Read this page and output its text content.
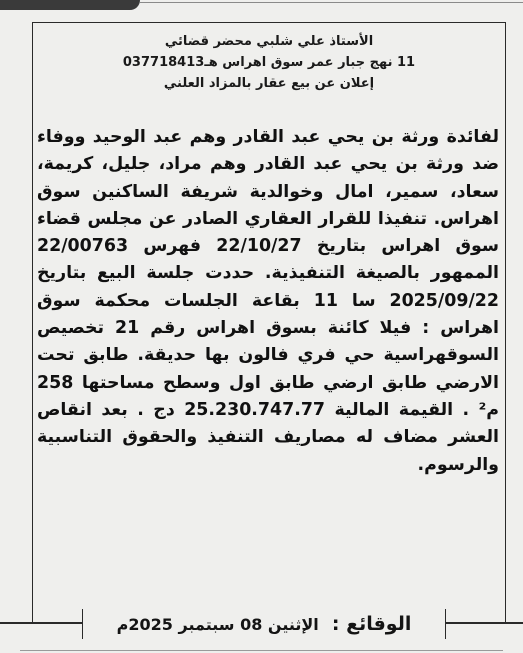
الأستاذ علي شلبي محضر قضائي
11 نهج جبار عمر سوق اهراس هـ037718413
إعلان عن بيع عقار بالمزاد العلني

لفائدة ورثة بن يحي عبد القادر وهم عبد الوحيد ووفاء ضد ورثة بن يحي عبد القادر وهم مراد، جليل، كريمة، سعاد، سمير، امال وخوالدية شريفة الساكنين سوق اهراس. تنفيذا للقرار العقاري الصادر عن مجلس قضاء سوق اهراس بتاريخ 22/10/27 فهرس 22/00763 الممهور بالصيغة التنفيذية. حددت جلسة البيع بتاريخ 2025/09/22 سا 11 بقاعة الجلسات محكمة سوق اهراس : فيلا كائنة بسوق اهراس رقم 21 تخصيص السوقهراسية حي فري فالون بها حديقة. طابق تحت الارضي طابق ارضي طابق اول وسطح مساحتها 258 م² . القيمة المالية 25.230.747.77 دج . بعد انقاص العشر مضاف له مصاريف التنفيذ والحقوق التناسبية والرسوم.

الوقائع : الإثنين 08 سبتمبر 2025م
